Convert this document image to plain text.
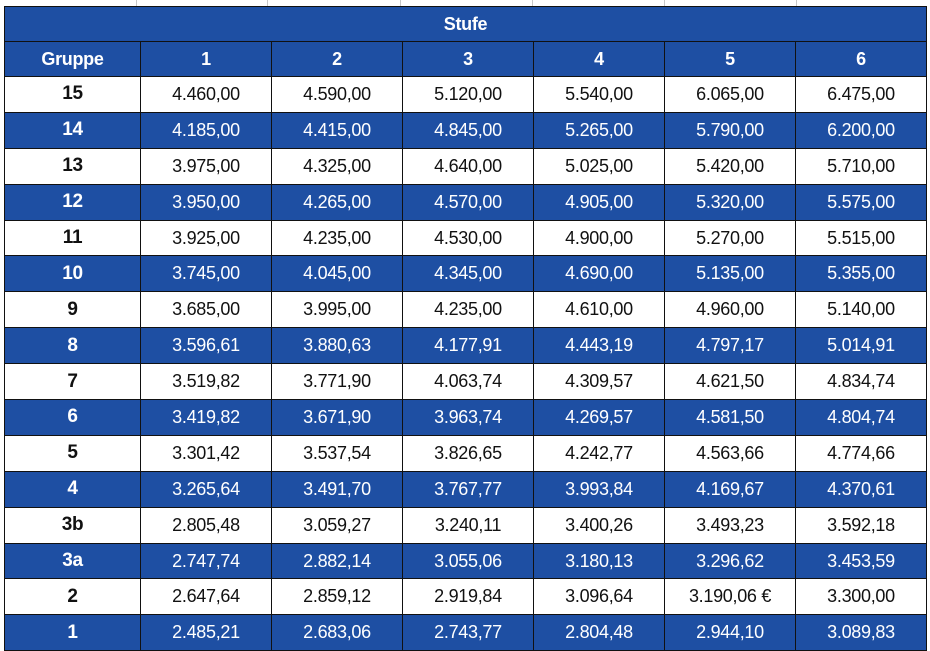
Stufe						
Gruppe	1	2	3	4	5	6
15	4.460,00	4.590,00	5.120,00	5.540,00	6.065,00	6.475,00
14	4.185,00	4.415,00	4.845,00	5.265,00	5.790,00	6.200,00
13	3.975,00	4.325,00	4.640,00	5.025,00	5.420,00	5.710,00
12	3.950,00	4.265,00	4.570,00	4.905,00	5.320,00	5.575,00
11	3.925,00	4.235,00	4.530,00	4.900,00	5.270,00	5.515,00
10	3.745,00	4.045,00	4.345,00	4.690,00	5.135,00	5.355,00
9	3.685,00	3.995,00	4.235,00	4.610,00	4.960,00	5.140,00
8	3.596,61	3.880,63	4.177,91	4.443,19	4.797,17	5.014,91
7	3.519,82	3.771,90	4.063,74	4.309,57	4.621,50	4.834,74
6	3.419,82	3.671,90	3.963,74	4.269,57	4.581,50	4.804,74
5	3.301,42	3.537,54	3.826,65	4.242,77	4.563,66	4.774,66
4	3.265,64	3.491,70	3.767,77	3.993,84	4.169,67	4.370,61
3b	2.805,48	3.059,27	3.240,11	3.400,26	3.493,23	3.592,18
3a	2.747,74	2.882,14	3.055,06	3.180,13	3.296,62	3.453,59
2	2.647,64	2.859,12	2.919,84	3.096,64	3.190,06 €	3.300,00
1	2.485,21	2.683,06	2.743,77	2.804,48	2.944,10	3.089,83
